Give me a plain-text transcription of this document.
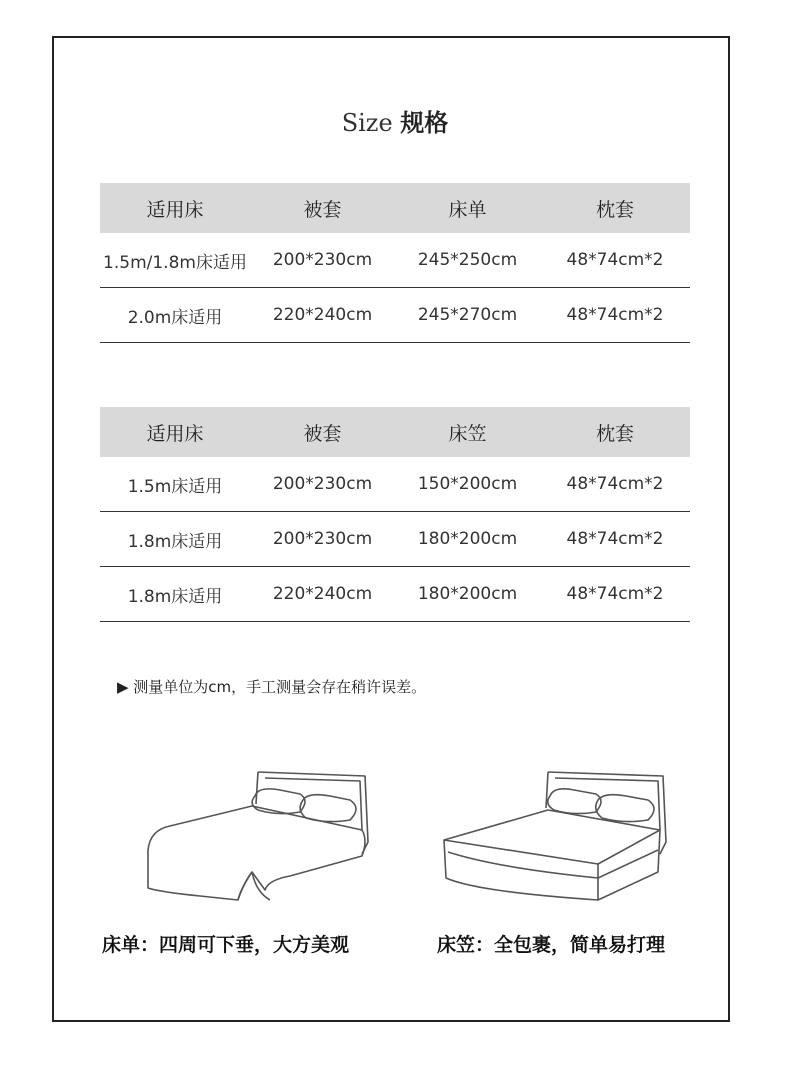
Size 规格
适用床	被套	床单	枕套
1.5m/1.8m床适用	200*230cm	245*250cm	48*74cm*2
2.0m床适用	220*240cm	245*270cm	48*74cm*2
适用床	被套	床笠	枕套
1.5m床适用	200*230cm	150*200cm	48*74cm*2
1.8m床适用	200*230cm	180*200cm	48*74cm*2
1.8m床适用	220*240cm	180*200cm	48*74cm*2
▶ 测量单位为cm，手工测量会存在稍许误差。
床单：四周可下垂，大方美观	床笠：全包裹，简单易打理
